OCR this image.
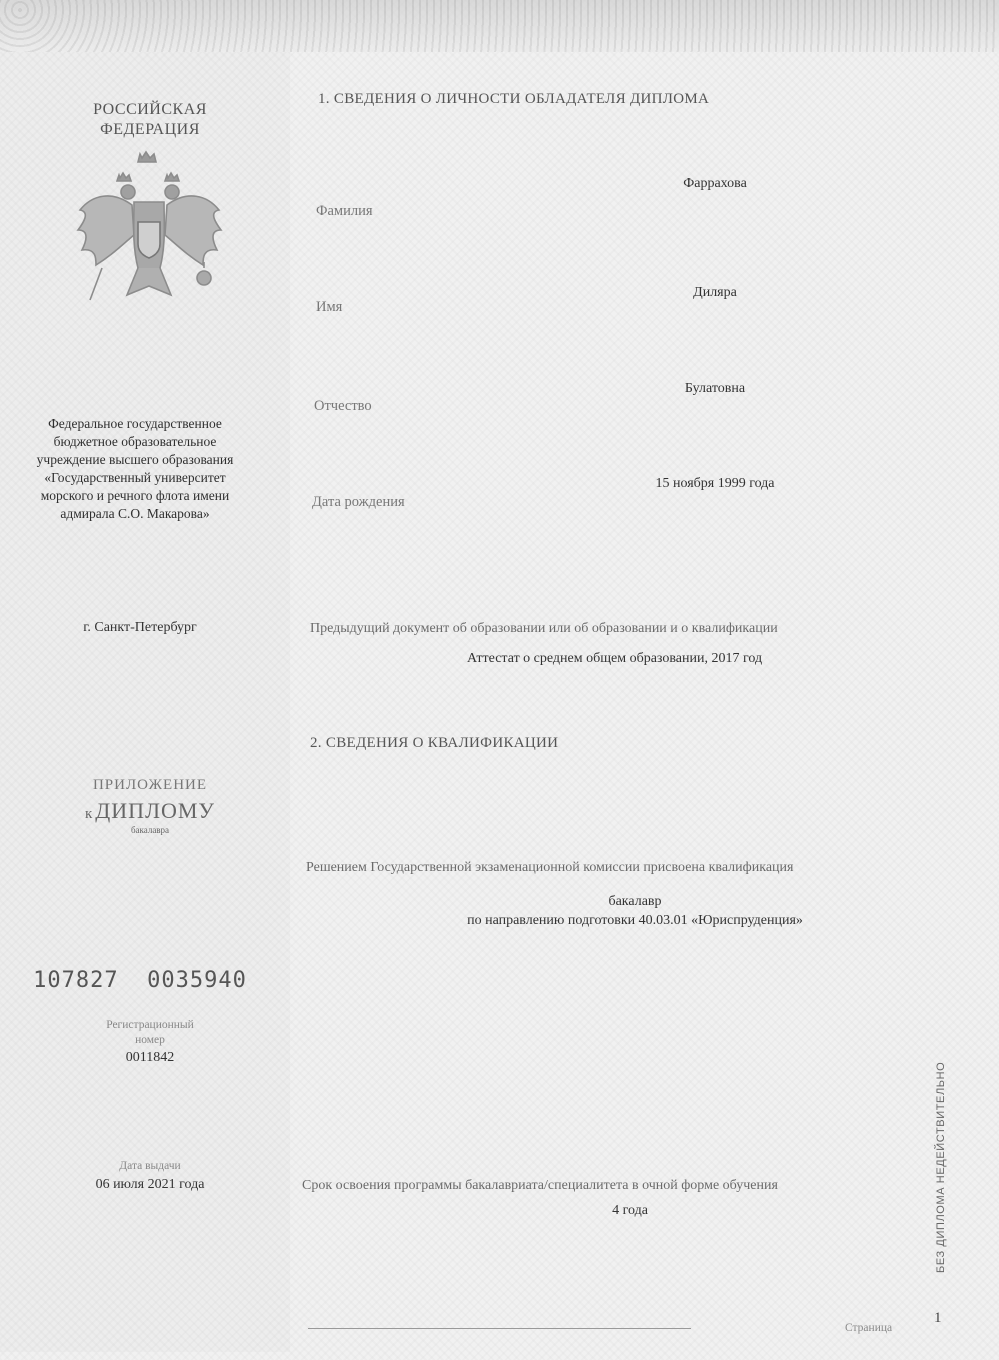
РОССИЙСКАЯ
ФЕДЕРАЦИЯ
Федеральное государственное
бюджетное образовательное
учреждение высшего образования
«Государственный университет
морского и речного флота имени
адмирала С.О. Макарова»
г. Санкт-Петербург
ПРИЛОЖЕНИЕ
кДИПЛОМУ
бакалавра
107827  0035940
Регистрационный
номер
0011842
Дата выдачи
06 июля 2021 года
1. СВЕДЕНИЯ О ЛИЧНОСТИ ОБЛАДАТЕЛЯ ДИПЛОМА
Фаррахова
Фамилия
Диляра
Имя
Булатовна
Отчество
15 ноября 1999 года
Дата рождения
Предыдущий документ об образовании или об образовании и о квалификации
Аттестат о среднем общем образовании, 2017 год
2. СВЕДЕНИЯ О КВАЛИФИКАЦИИ
Решением Государственной экзаменационной комиссии присвоена квалификация
бакалавр
по направлению подготовки 40.03.01 «Юриспруденция»
Срок освоения программы бакалавриата/специалитета в очной форме обучения
4 года	БЕЗ ДИПЛОМА НЕДЕЙСТВИТЕЛЬНО
Страница
1
